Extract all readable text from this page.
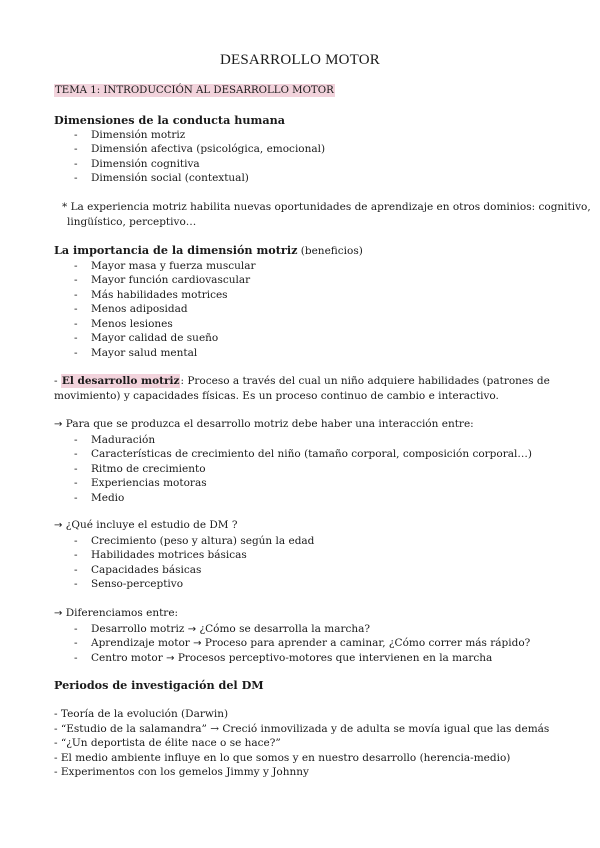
DESARROLLO MOTOR
TEMA 1: INTRODUCCIÓN AL DESARROLLO MOTOR
Dimensiones de la conducta humana
- Dimensión motriz
- Dimensión afectiva (psicológica, emocional)
- Dimensión cognitiva
- Dimensión social (contextual)
* La experiencia motriz habilita nuevas oportunidades de aprendizaje en otros dominios: cognitivo,
lingüístico, perceptivo…
La importancia de la dimensión motriz (beneficios)
- Mayor masa y fuerza muscular
- Mayor función cardiovascular
- Más habilidades motrices
- Menos adiposidad
- Menos lesiones
- Mayor calidad de sueño
- Mayor salud mental
- El desarrollo motriz: Proceso a través del cual un niño adquiere habilidades (patrones de
movimiento) y capacidades físicas. Es un proceso continuo de cambio e interactivo.
→ Para que se produzca el desarrollo motriz debe haber una interacción entre:
- Maduración
- Características de crecimiento del niño (tamaño corporal, composición corporal…)
- Ritmo de crecimiento
- Experiencias motoras
- Medio
→ ¿Qué incluye el estudio de DM ?
- Crecimiento (peso y altura) según la edad
- Habilidades motrices básicas
- Capacidades básicas
- Senso-perceptivo
→ Diferenciamos entre:
- Desarrollo motriz → ¿Cómo se desarrolla la marcha?
- Aprendizaje motor → Proceso para aprender a caminar, ¿Cómo correr más rápido?
- Centro motor → Procesos perceptivo-motores que intervienen en la marcha
Periodos de investigación del DM

- Teoría de la evolución (Darwin)

- “Estudio de la salamandra” → Creció inmovilizada y de adulta se movía igual que las demás

- “¿Un deportista de élite nace o se hace?”

- El medio ambiente influye en lo que somos y en nuestro desarrollo (herencia-medio)

- Experimentos con los gemelos Jimmy y Johnny
